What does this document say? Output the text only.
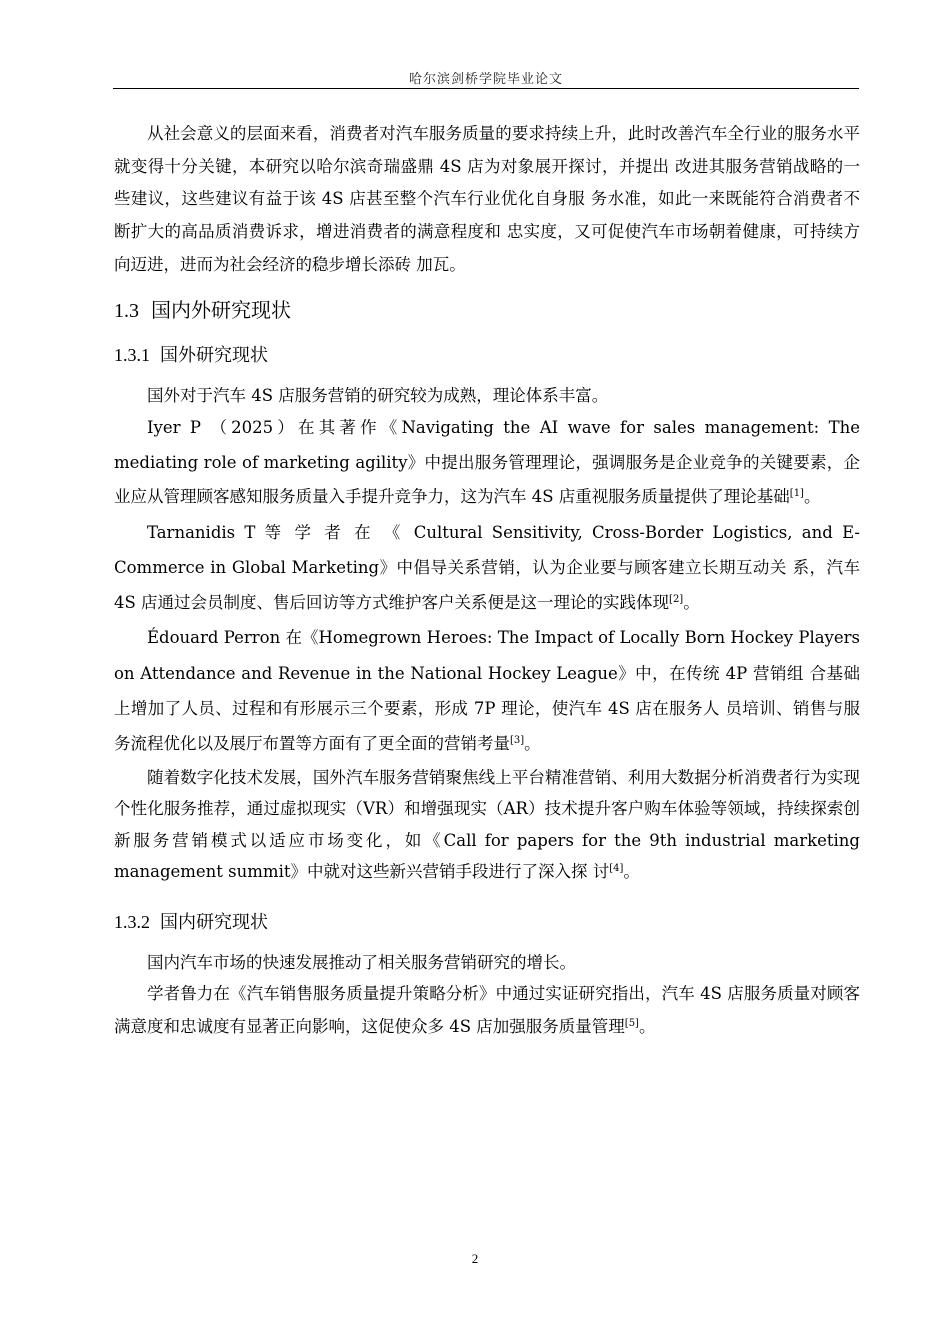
哈尔滨剑桥学院毕业论文

从社会意义的层面来看，消费者对汽车服务质量的要求持续上升，此时改善汽车全行业的服务水平就变得十分关键，本研究以哈尔滨奇瑞盛鼎 4S 店为对象展开探讨，并提出 改进其服务营销战略的一些建议，这些建议有益于该 4S 店甚至整个汽车行业优化自身服 务水准，如此一来既能符合消费者不断扩大的高品质消费诉求，增进消费者的满意程度和 忠实度，又可促使汽车市场朝着健康，可持续方向迈进，进而为社会经济的稳步增长添砖 加瓦。

1.3 国内外研究现状
1.3.1 国外研究现状

国外对于汽车 4S 店服务营销的研究较为成熟，理论体系丰富。

Iyer P （2025）在其著作《Navigating the AI wave for sales management: The mediating role of marketing agility》中提出服务管理理论，强调服务是企业竞争的关键要素，企业应从管理顾客感知服务质量入手提升竞争力，这为汽车 4S 店重视服务质量提供了理论基础[1]。

Tarnanidis T 等 学 者 在 《 Cultural Sensitivity, Cross-Border Logistics, and E-Commerce in Global Marketing》中倡导关系营销，认为企业要与顾客建立长期互动关 系，汽车 4S 店通过会员制度、售后回访等方式维护客户关系便是这一理论的实践体现[2]。

Édouard Perron 在《Homegrown Heroes: The Impact of Locally Born Hockey Players on Attendance and Revenue in the National Hockey League》中，在传统 4P 营销组 合基础上增加了人员、过程和有形展示三个要素，形成 7P 理论，使汽车 4S 店在服务人 员培训、销售与服务流程优化以及展厅布置等方面有了更全面的营销考量[3]。

随着数字化技术发展，国外汽车服务营销聚焦线上平台精准营销、利用大数据分析消费者行为实现个性化服务推荐，通过虚拟现实（VR）和增强现实（AR）技术提升客户购车体验等领域，持续探索创新服务营销模式以适应市场变化，如《Call for papers for the 9th industrial marketing management summit》中就对这些新兴营销手段进行了深入探 讨[4]。

1.3.2 国内研究现状

国内汽车市场的快速发展推动了相关服务营销研究的增长。

学者鲁力在《汽车销售服务质量提升策略分析》中通过实证研究指出，汽车 4S 店服务质量对顾客满意度和忠诚度有显著正向影响，这促使众多 4S 店加强服务质量管理[5]。

2
